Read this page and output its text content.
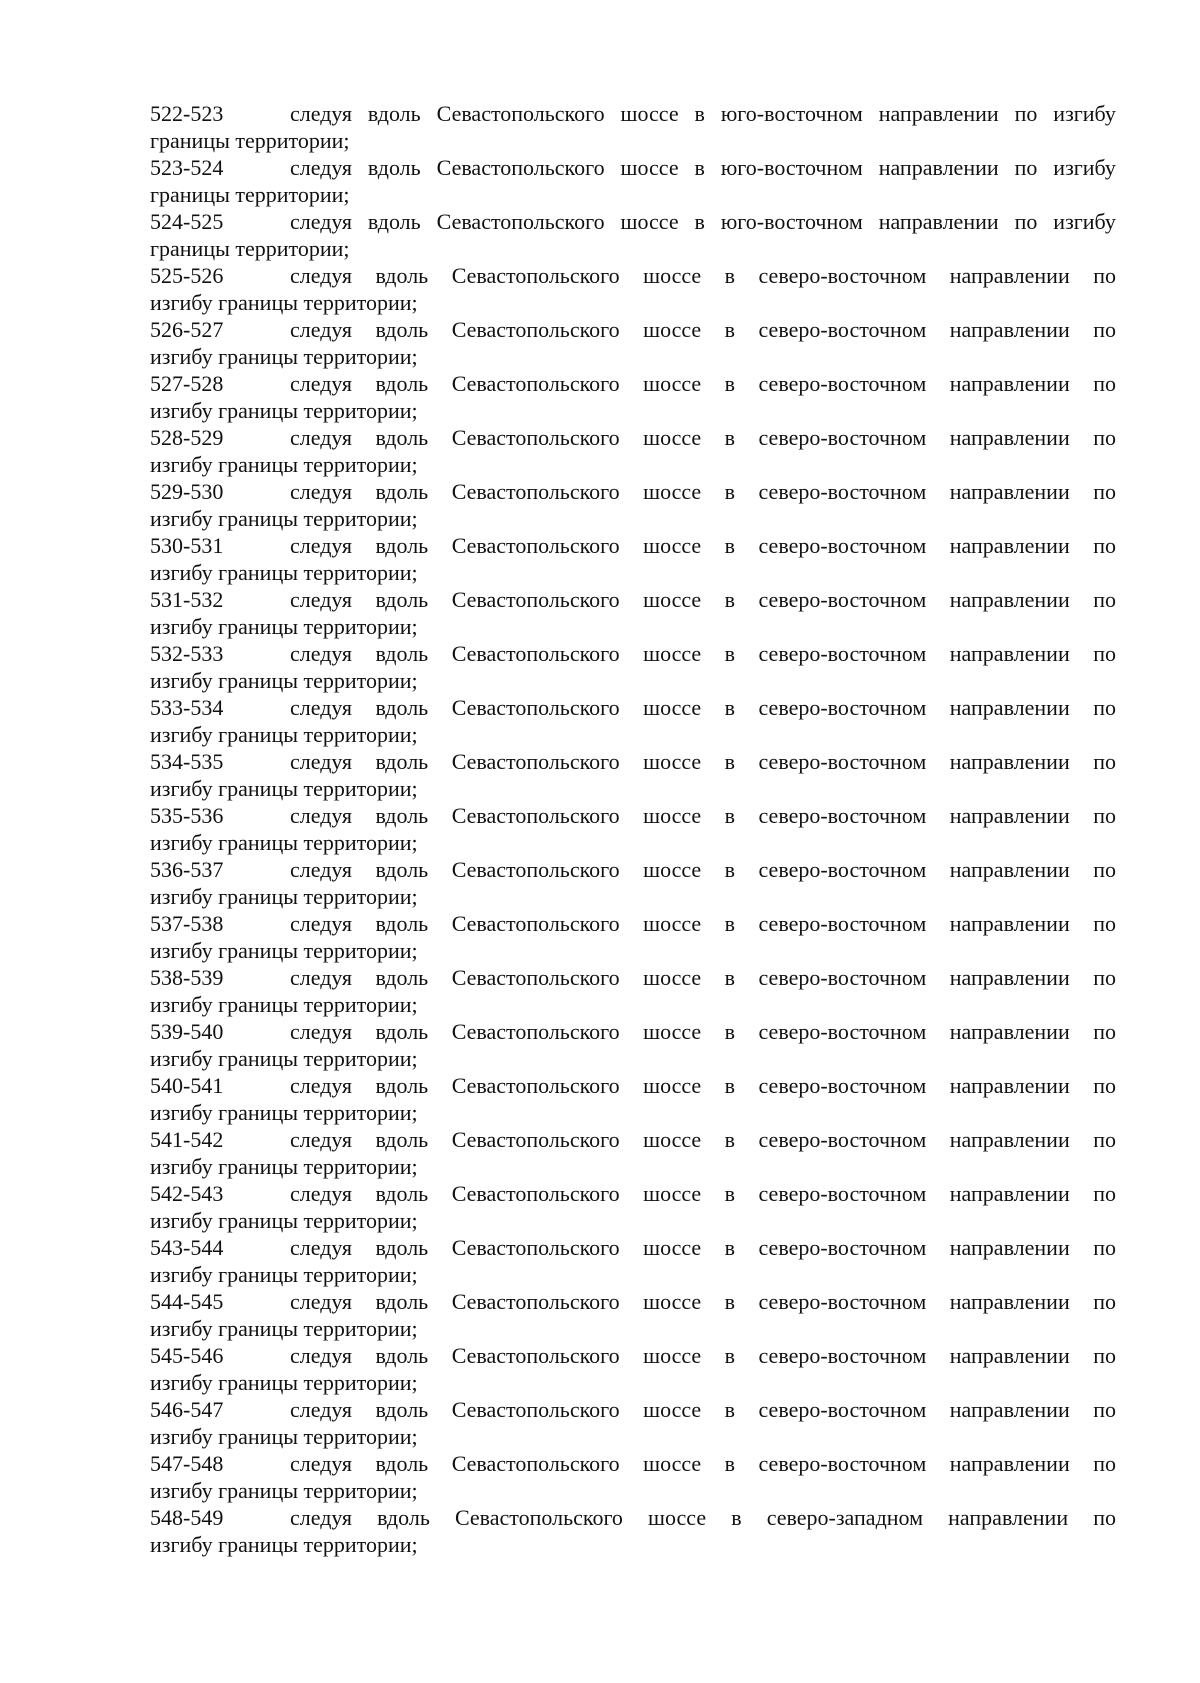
522-523	следуя вдоль Севастопольского шоссе в юго-восточном направлении по изгибу
границы территории;
523-524	следуя вдоль Севастопольского шоссе в юго-восточном направлении по изгибу
границы территории;
524-525	следуя вдоль Севастопольского шоссе в юго-восточном направлении по изгибу
границы территории;
525-526	следуя вдоль Севастопольского шоссе в северо-восточном направлении по
изгибу границы территории;
526-527	следуя вдоль Севастопольского шоссе в северо-восточном направлении по
изгибу границы территории;
527-528	следуя вдоль Севастопольского шоссе в северо-восточном направлении по
изгибу границы территории;
528-529	следуя вдоль Севастопольского шоссе в северо-восточном направлении по
изгибу границы территории;
529-530	следуя вдоль Севастопольского шоссе в северо-восточном направлении по
изгибу границы территории;
530-531	следуя вдоль Севастопольского шоссе в северо-восточном направлении по
изгибу границы территории;
531-532	следуя вдоль Севастопольского шоссе в северо-восточном направлении по
изгибу границы территории;
532-533	следуя вдоль Севастопольского шоссе в северо-восточном направлении по
изгибу границы территории;
533-534	следуя вдоль Севастопольского шоссе в северо-восточном направлении по
изгибу границы территории;
534-535	следуя вдоль Севастопольского шоссе в северо-восточном направлении по
изгибу границы территории;
535-536	следуя вдоль Севастопольского шоссе в северо-восточном направлении по
изгибу границы территории;
536-537	следуя вдоль Севастопольского шоссе в северо-восточном направлении по
изгибу границы территории;
537-538	следуя вдоль Севастопольского шоссе в северо-восточном направлении по
изгибу границы территории;
538-539	следуя вдоль Севастопольского шоссе в северо-восточном направлении по
изгибу границы территории;
539-540	следуя вдоль Севастопольского шоссе в северо-восточном направлении по
изгибу границы территории;
540-541	следуя вдоль Севастопольского шоссе в северо-восточном направлении по
изгибу границы территории;
541-542	следуя вдоль Севастопольского шоссе в северо-восточном направлении по
изгибу границы территории;
542-543	следуя вдоль Севастопольского шоссе в северо-восточном направлении по
изгибу границы территории;
543-544	следуя вдоль Севастопольского шоссе в северо-восточном направлении по
изгибу границы территории;
544-545	следуя вдоль Севастопольского шоссе в северо-восточном направлении по
изгибу границы территории;
545-546	следуя вдоль Севастопольского шоссе в северо-восточном направлении по
изгибу границы территории;
546-547	следуя вдоль Севастопольского шоссе в северо-восточном направлении по
изгибу границы территории;
547-548	следуя вдоль Севастопольского шоссе в северо-восточном направлении по
изгибу границы территории;
548-549	следуя вдоль Севастопольского шоссе в северо-западном направлении по
изгибу границы территории;
